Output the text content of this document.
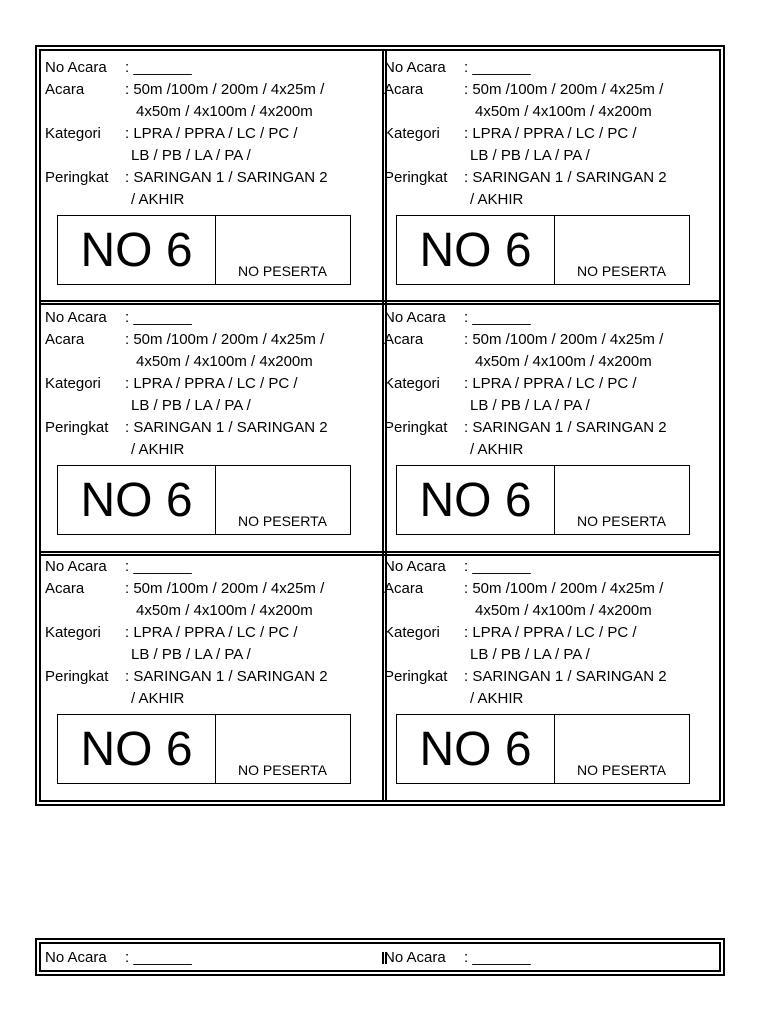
No Acara	: _______
Acara	: 50m /100m / 200m / 4x25m /
4x50m / 4x100m / 4x200m
Kategori	: LPRA / PPRA / LC / PC /
LB / PB / LA / PA /
Peringkat	: SARINGAN 1 / SARINGAN 2
/ AKHIR
NO 6	NO PESERTA
No Acara	: _______
Acara	: 50m /100m / 200m / 4x25m /
4x50m / 4x100m / 4x200m
Kategori	: LPRA / PPRA / LC / PC /
LB / PB / LA / PA /
Peringkat	: SARINGAN 1 / SARINGAN 2
/ AKHIR
NO 6	NO PESERTA
No Acara	: _______
Acara	: 50m /100m / 200m / 4x25m /
4x50m / 4x100m / 4x200m
Kategori	: LPRA / PPRA / LC / PC /
LB / PB / LA / PA /
Peringkat	: SARINGAN 1 / SARINGAN 2
/ AKHIR
NO 6	NO PESERTA
No Acara	: _______
Acara	: 50m /100m / 200m / 4x25m /
4x50m / 4x100m / 4x200m
Kategori	: LPRA / PPRA / LC / PC /
LB / PB / LA / PA /
Peringkat	: SARINGAN 1 / SARINGAN 2
/ AKHIR
NO 6	NO PESERTA
No Acara	: _______
Acara	: 50m /100m / 200m / 4x25m /
4x50m / 4x100m / 4x200m
Kategori	: LPRA / PPRA / LC / PC /
LB / PB / LA / PA /
Peringkat	: SARINGAN 1 / SARINGAN 2
/ AKHIR
NO 6	NO PESERTA
No Acara	: _______
Acara	: 50m /100m / 200m / 4x25m /
4x50m / 4x100m / 4x200m
Kategori	: LPRA / PPRA / LC / PC /
LB / PB / LA / PA /
Peringkat	: SARINGAN 1 / SARINGAN 2
/ AKHIR
NO 6	NO PESERTA
No Acara : _______	No Acara : _______
